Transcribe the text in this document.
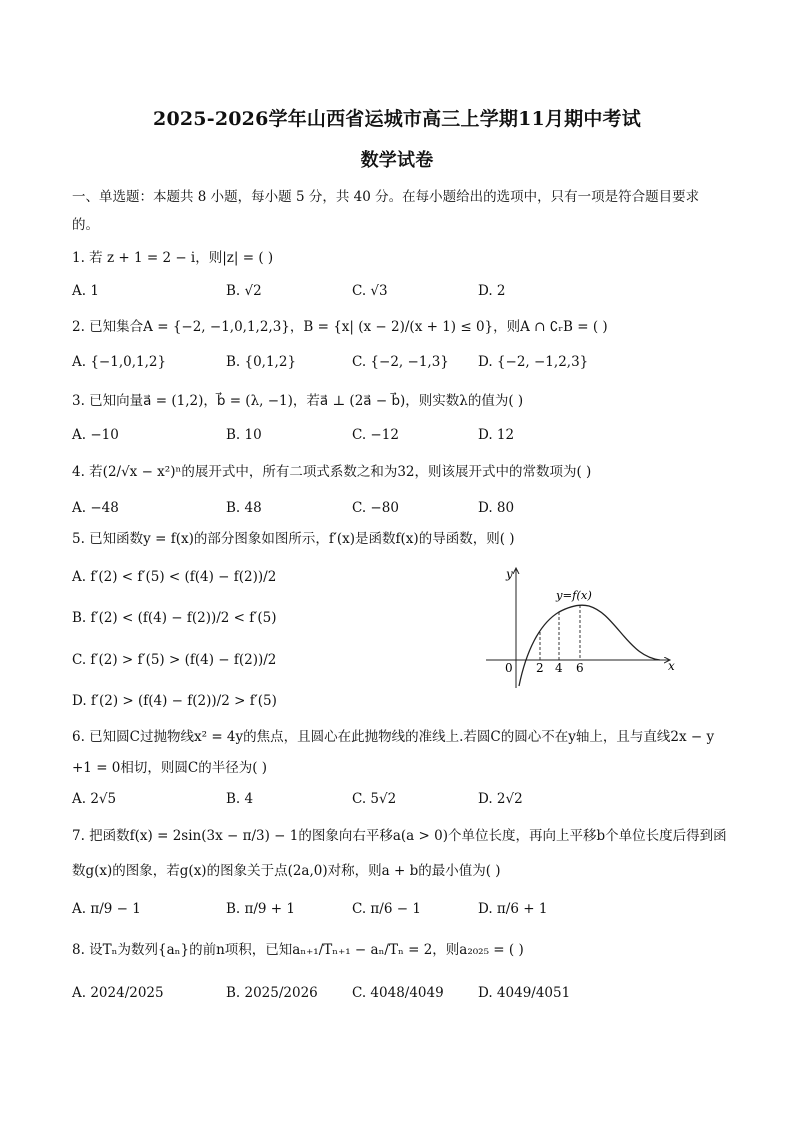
2025-2026学年山西省运城市高三上学期11月期中考试
数学试卷
一、单选题：本题共 8 小题，每小题 5 分，共 40 分。在每小题给出的选项中，只有一项是符合题目要求
的。
1. 若 z + 1 = 2 − i，则|z| = ( )
A. 1	B. √2	C. √3	D. 2
2. 已知集合A = {−2, −1,0,1,2,3}，B = {x| (x − 2)/(x + 1) ≤ 0}，则A ∩ ∁ᵣB = ( )
A. {−1,0,1,2}	B. {0,1,2}	C. {−2, −1,3} D. {−2, −1,2,3}
3. 已知向量a⃗ = (1,2)，b⃗ = (λ, −1)，若a⃗ ⊥ (2a⃗ − b⃗)，则实数λ的值为( )
A. −10	B. 10	C. −12	D. 12
4. 若(2/√x − x²)ⁿ的展开式中，所有二项式系数之和为32，则该展开式中的常数项为( )
A. −48	B. 48	C. −80	D. 80
5. 已知函数y = f(x)的部分图象如图所示，f′(x)是函数f(x)的导函数，则( )
A. f′(2) < f′(5) < (f(4) − f(2))/2
B. f′(2) < (f(4) − f(2))/2 < f′(5)
C. f′(2) > f′(5) > (f(4) − f(2))/2
D. f′(2) > (f(4) − f(2))/2 > f′(5)
y
x
y=f(x)
0 2 4 6
6. 已知圆C过抛物线x² = 4y的焦点，且圆心在此抛物线的准线上.若圆C的圆心不在y轴上，且与直线2x − y
+1 = 0相切，则圆C的半径为( )
A. 2√5	B. 4	C. 5√2	D. 2√2
7. 把函数f(x) = 2sin(3x − π/3) − 1的图象向右平移a(a > 0)个单位长度，再向上平移b个单位长度后得到函
数g(x)的图象，若g(x)的图象关于点(2a,0)对称，则a + b的最小值为( )
A. π/9 − 1	B. π/9 + 1	C. π/6 − 1	D. π/6 + 1
8. 设Tₙ为数列{aₙ}的前n项积，已知aₙ₊₁/Tₙ₊₁ − aₙ/Tₙ = 2，则a₂₀₂₅ = ( )
A. 2024/2025	B. 2025/2026	C. 4048/4049	D. 4049/4051
